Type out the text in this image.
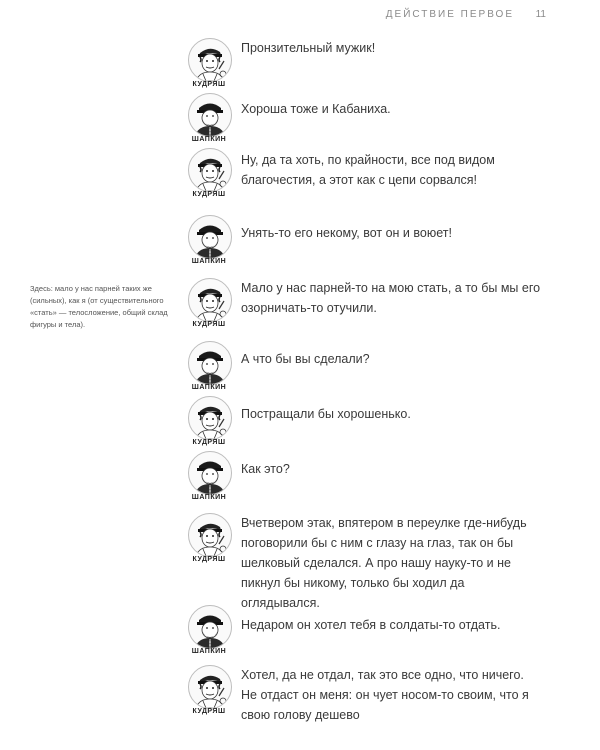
ДЕЙСТВИЕ ПЕРВОЕ 11
Здесь: мало у нас парней таких же (сильных), как я (от существительного «стать» — телосложение, общий склад фигуры и тела).
КУДРЯШ
Пронзительный мужик!
ШАПКИН
Хороша тоже и Кабаниха.
КУДРЯШ
Ну, да та хоть, по крайности, все под видом благочестия, а этот как с цепи сорвался!
ШАПКИН
Унять-то его некому, вот он и воюет!
КУДРЯШ
Мало у нас парней-то на мою стать, а то бы мы его озорничать-то отучили.
ШАПКИН
А что бы вы сделали?
КУДРЯШ
Постращали бы хорошенько.
ШАПКИН
Как это?
КУДРЯШ
Вчетвером этак, впятером в переулке где-нибудь поговорили бы с ним с глазу на глаз, так он бы шелковый сделался. А про нашу науку-то и не пикнул бы никому, только бы ходил да оглядывался.
ШАПКИН
Недаром он хотел тебя в солдаты-то отдать.
КУДРЯШ
Хотел, да не отдал, так это все одно, что ничего. Не отдаст он меня: он чует носом-то своим, что я свою голову дешево
